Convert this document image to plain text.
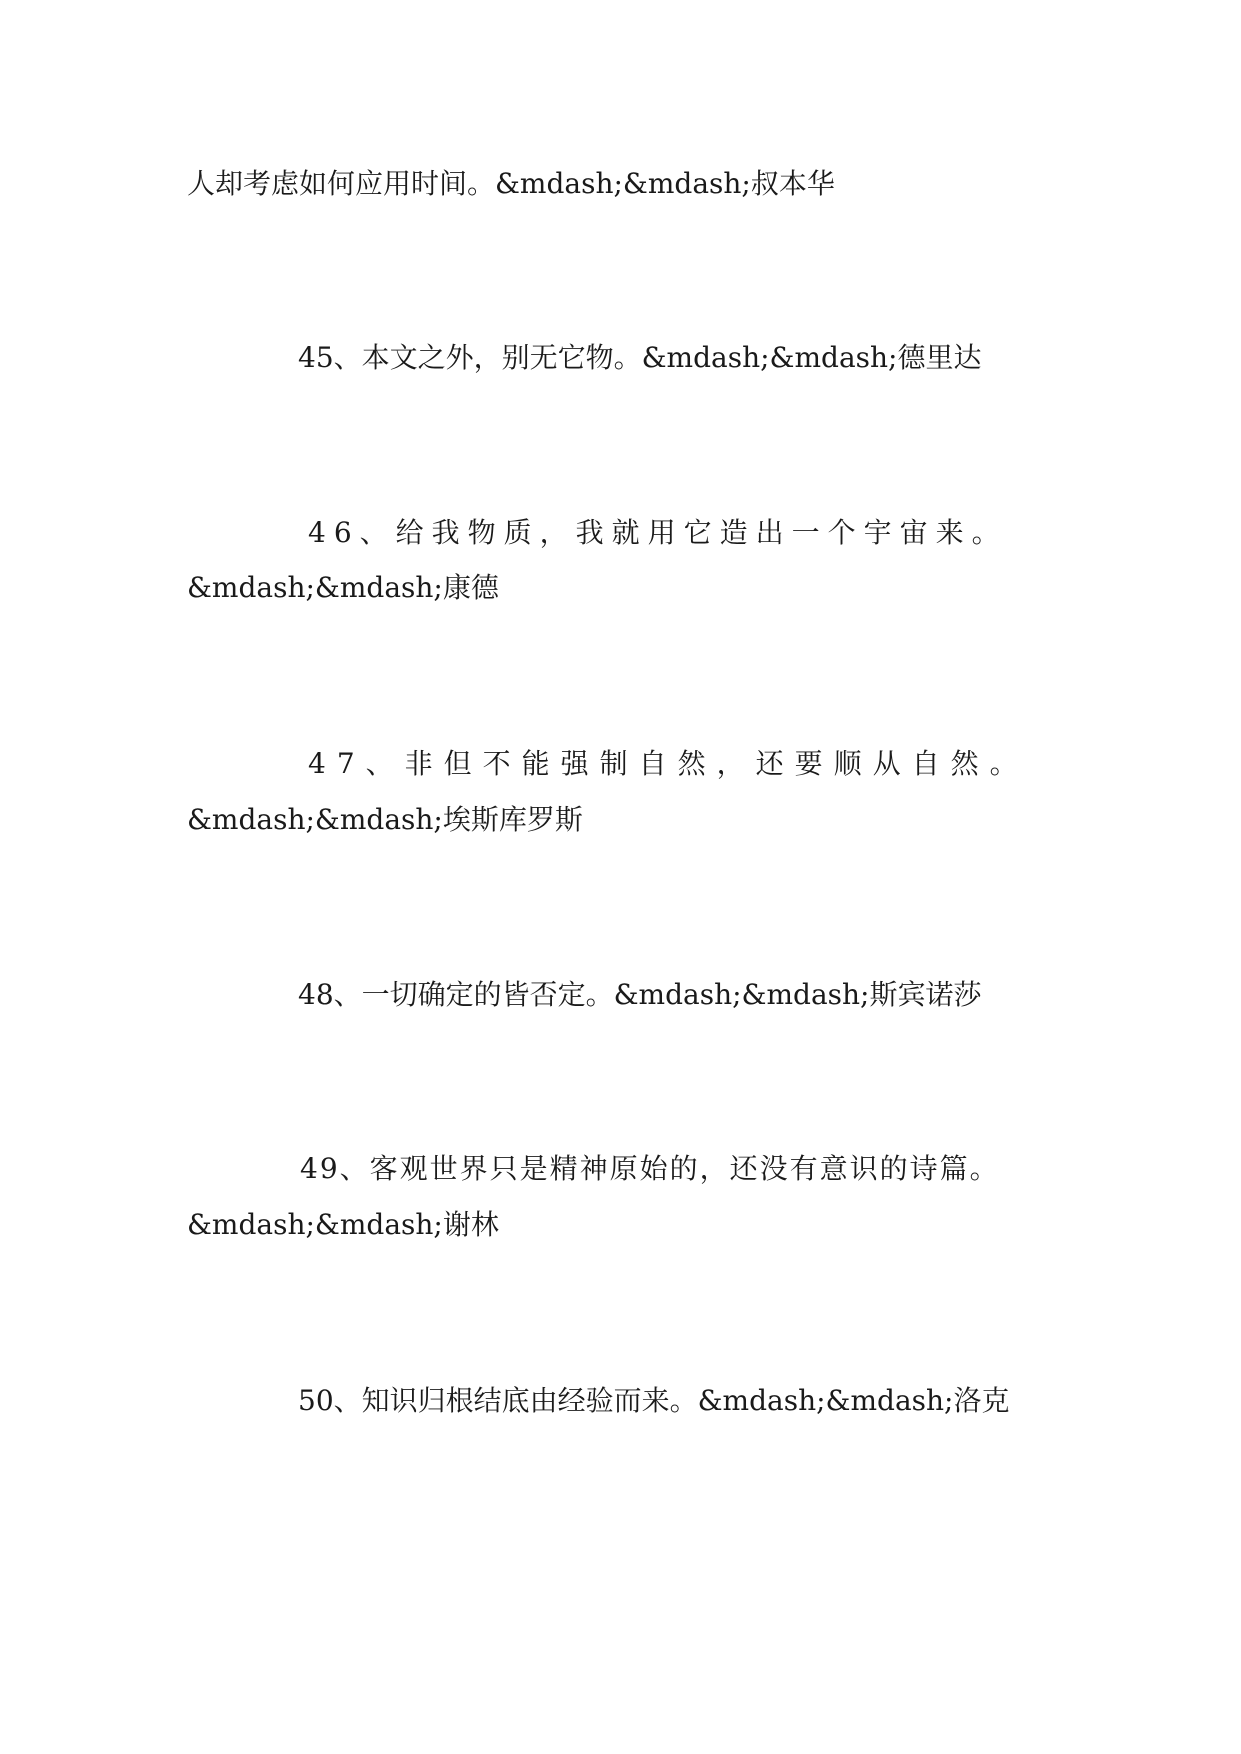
人却考虑如何应用时间。&mdash;&mdash;叔本华
45、本文之外，别无它物。&mdash;&mdash;德里达
46、给我物质，我就用它造出一个宇宙来。
&mdash;&mdash;康德
47、非但不能强制自然，还要顺从自然。
&mdash;&mdash;埃斯库罗斯
48、一切确定的皆否定。&mdash;&mdash;斯宾诺莎
49、客观世界只是精神原始的，还没有意识的诗篇。
&mdash;&mdash;谢林
50、知识归根结底由经验而来。&mdash;&mdash;洛克
